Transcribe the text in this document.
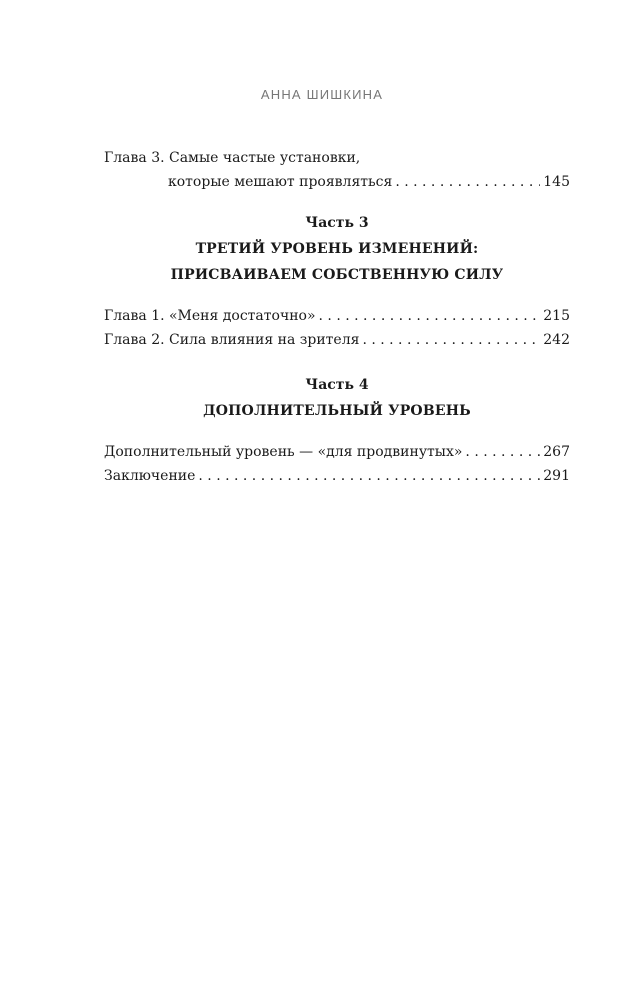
АННА ШИШКИНА
Глава 3. Самые частые установки,
которые мешают проявляться . . .	145
Часть 3
ТРЕТИЙ УРОВЕНЬ ИЗМЕНЕНИЙ:
ПРИСВАИВАЕМ СОБСТВЕННУЮ СИЛУ
Глава 1. «Меня достаточно» . . .	215
Глава 2. Сила влияния на зрителя . . .	242
Часть 4
ДОПОЛНИТЕЛЬНЫЙ УРОВЕНЬ
Дополнительный уровень — «для продвинутых» . . .	267
Заключение . . .	291
